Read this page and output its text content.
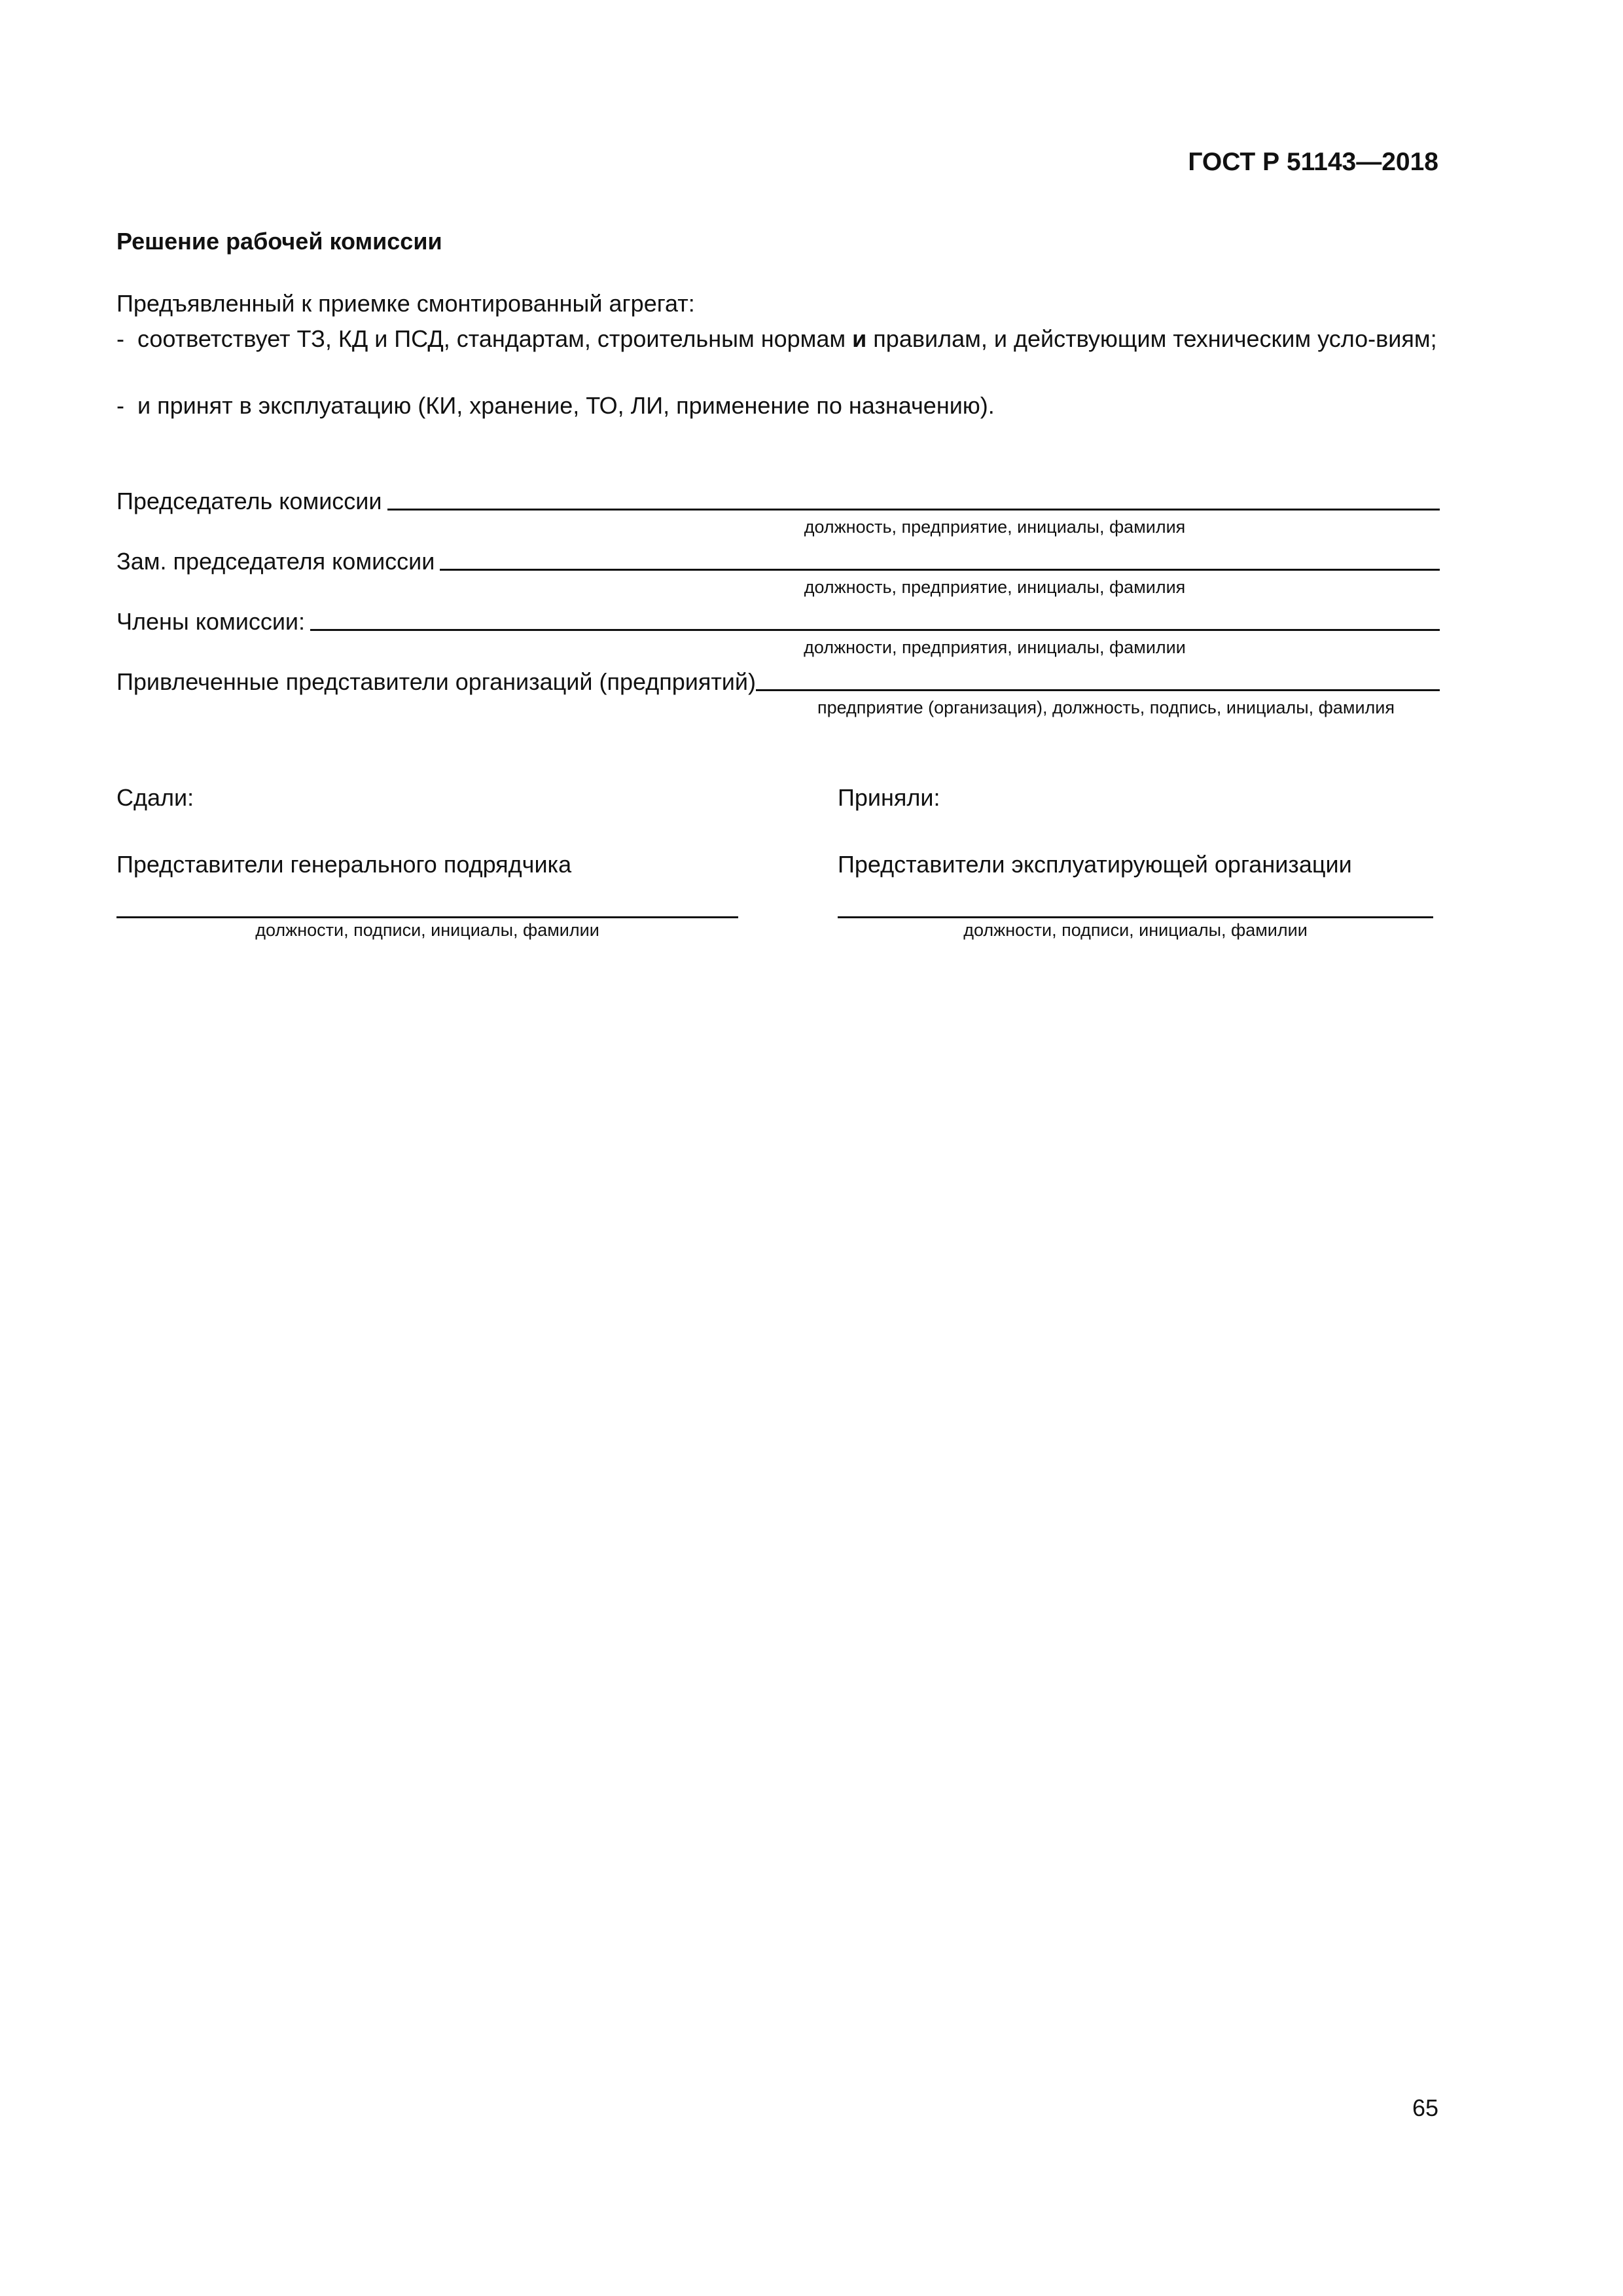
ГОСТ Р 51143—2018
Решение рабочей комиссии
Предъявленный к приемке смонтированный агрегат:
- соответствует ТЗ, КД и ПСД, стандартам, строительным нормам и правилам, и действующим техническим усло-виям;
- и принят в эксплуатацию (КИ, хранение, ТО, ЛИ, применение по назначению).
Председатель комиссии
должность, предприятие, инициалы, фамилия
Зам. председателя комиссии
должность, предприятие, инициалы, фамилия
Члены комиссии:
должности, предприятия, инициалы, фамилии
Привлеченные представители организаций (предприятий)
предприятие (организация), должность, подпись, инициалы, фамилия
Сдали:	Приняли:
Представители генерального подрядчика	Представители эксплуатирующей организации
должности, подписи, инициалы, фамилии	должности, подписи, инициалы, фамилии
65
